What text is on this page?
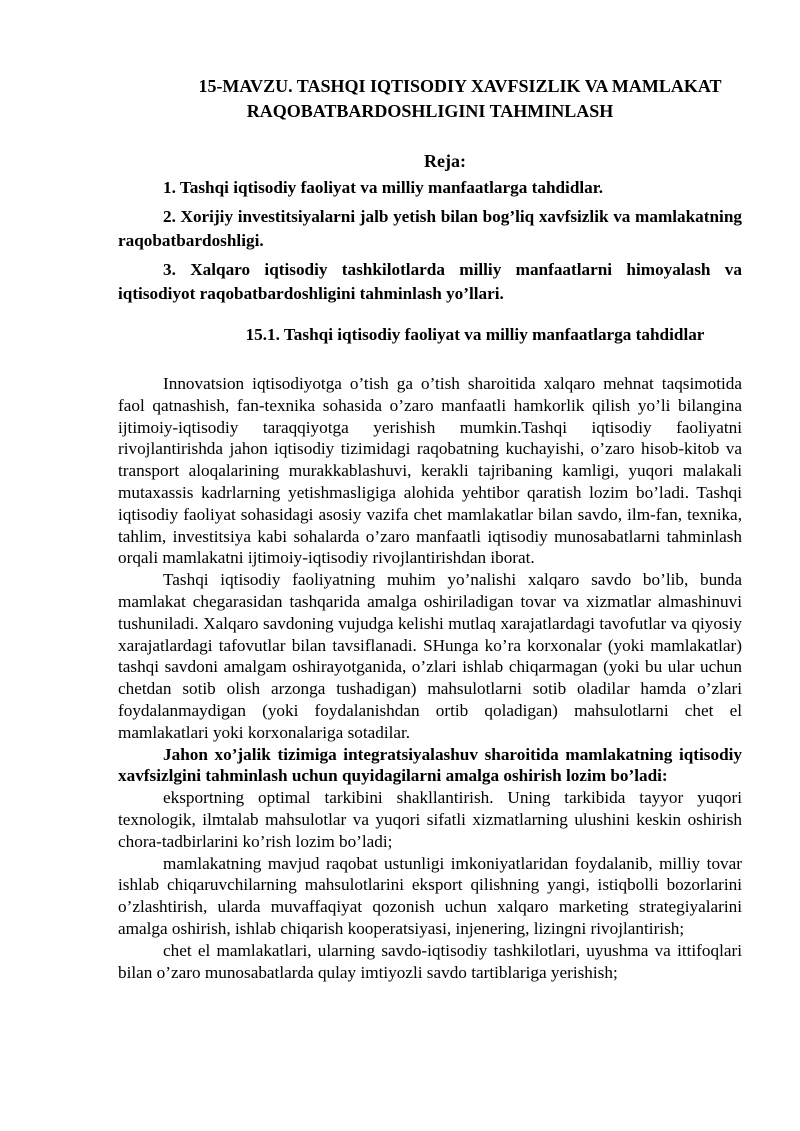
15-MAVZU. TASHQI IQTISODIY XAVFSIZLIK VA MAMLAKAT
RAQOBATBARDOSHLIGINI TAHMINLASH
Reja:

1. Tashqi iqtisodiy faoliyat va milliy manfaatlarga tahdidlar.

2. Xorijiy investitsiyalarni jalb yetish bilan bog’liq xavfsizlik va mamlakatning raqobatbardoshligi.

3. Xalqaro iqtisodiy tashkilotlarda milliy manfaatlarni himoyalash va iqtisodiyot raqobatbardoshligini tahminlash yo’llari.

15.1. Tashqi iqtisodiy faoliyat va milliy manfaatlarga tahdidlar

Innovatsion iqtisodiyotga o’tish ga o’tish sharoitida xalqaro mehnat taqsimotida faol qatnashish, fan-texnika sohasida o’zaro manfaatli hamkorlik qilish yo’li bilangina ijtimoiy-iqtisodiy taraqqiyotga yerishish mumkin.Tashqi iqtisodiy faoliyatni rivojlantirishda jahon iqtisodiy tizimidagi raqobatning kuchayishi, o’zaro hisob-kitob va transport aloqalarining murakkablashuvi, kerakli tajribaning kamligi, yuqori malakali mutaxassis kadrlarning yetishmasligiga alohida yehtibor qaratish lozim bo’ladi. Tashqi iqtisodiy faoliyat sohasidagi asosiy vazifa chet mamlakatlar bilan savdo, ilm-fan, texnika, tahlim, investitsiya kabi sohalarda o’zaro manfaatli iqtisodiy munosabatlarni tahminlash orqali mamlakatni ijtimoiy-iqtisodiy rivojlantirishdan iborat.

Tashqi iqtisodiy faoliyatning muhim yo’nalishi xalqaro savdo bo’lib, bunda mamlakat chegarasidan tashqarida amalga oshiriladigan tovar va xizmatlar almashinuvi tushuniladi. Xalqaro savdoning vujudga kelishi mutlaq xarajatlardagi tavofutlar va qiyosiy xarajatlardagi tafovutlar bilan tavsiflanadi. SHunga ko’ra korxonalar (yoki mamlakatlar) tashqi savdoni amalgam oshirayotganida, o’zlari ishlab chiqarmagan (yoki bu ular uchun chetdan sotib olish arzonga tushadigan) mahsulotlarni sotib oladilar hamda o’zlari foydalanmaydigan (yoki foydalanishdan ortib qoladigan) mahsulotlarni chet el mamlakatlari yoki korxonalariga sotadilar.

Jahon xo’jalik tizimiga integratsiyalashuv sharoitida mamlakatning iqtisodiy xavfsizlgini tahminlash uchun quyidagilarni amalga oshirish lozim bo’ladi:

eksportning optimal tarkibini shakllantirish. Uning tarkibida tayyor yuqori texnologik, ilmtalab mahsulotlar va yuqori sifatli xizmatlarning ulushini keskin oshirish chora-tadbirlarini ko’rish lozim bo’ladi;

mamlakatning mavjud raqobat ustunligi imkoniyatlaridan foydalanib, milliy tovar ishlab chiqaruvchilarning mahsulotlarini eksport qilishning yangi, istiqbolli bozorlarini o’zlashtirish, ularda muvaffaqiyat qozonish uchun xalqaro marketing strategiyalarini amalga oshirish, ishlab chiqarish kooperatsiyasi, injenering, lizingni rivojlantirish;

chet el mamlakatlari, ularning savdo-iqtisodiy tashkilotlari, uyushma va ittifoqlari bilan o’zaro munosabatlarda qulay imtiyozli savdo tartiblariga yerishish;
